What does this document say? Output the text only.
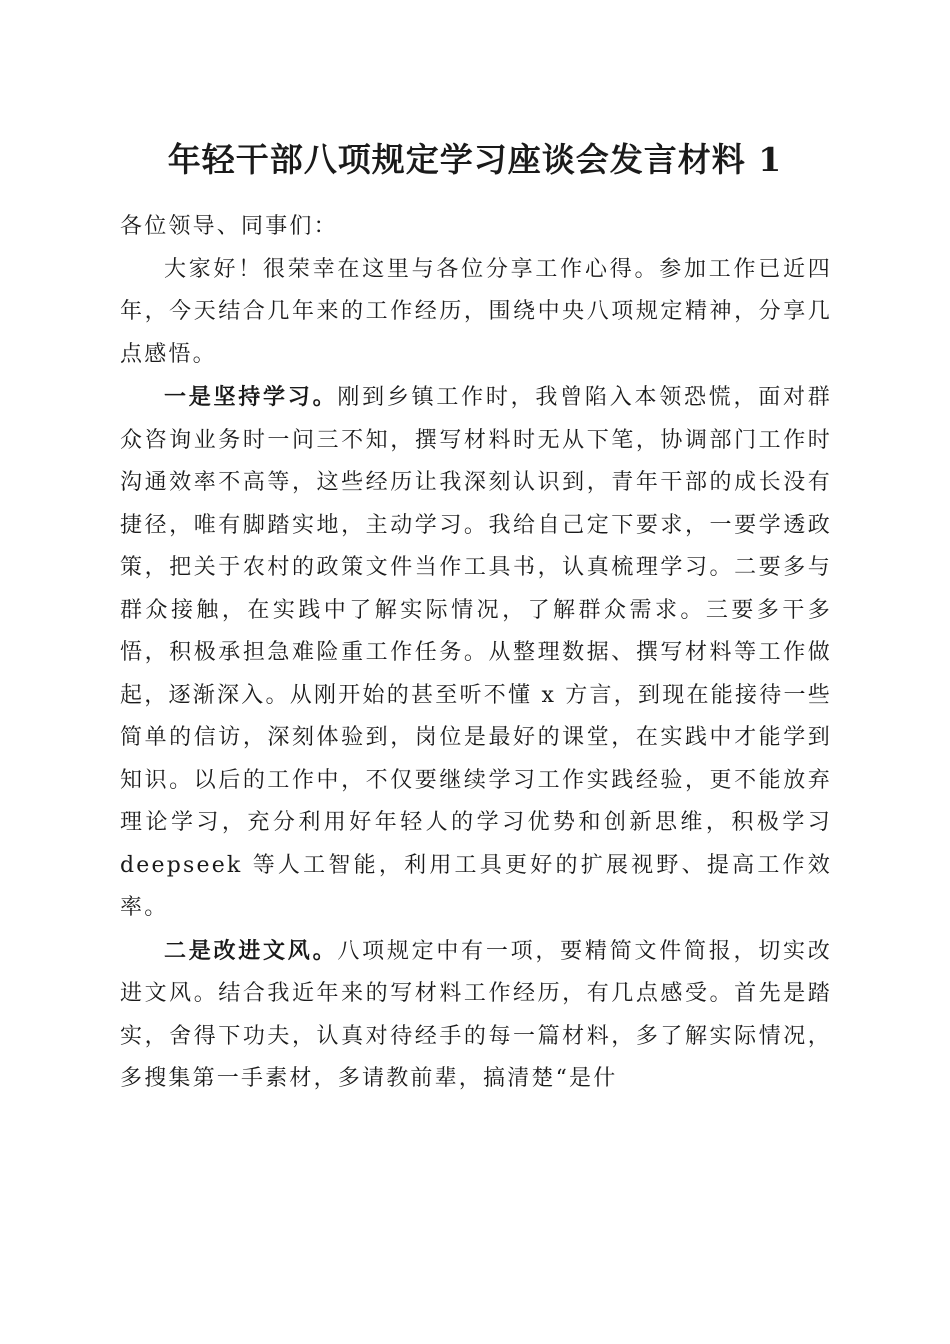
年轻干部八项规定学习座谈会发言材料 1

各位领导、同事们：

大家好！很荣幸在这里与各位分享工作心得。参加工作已近四年，今天结合几年来的工作经历，围绕中央八项规定精神，分享几点感悟。

一是坚持学习。刚到乡镇工作时，我曾陷入本领恐慌，面对群众咨询业务时一问三不知，撰写材料时无从下笔，协调部门工作时沟通效率不高等，这些经历让我深刻认识到，青年干部的成长没有捷径，唯有脚踏实地，主动学习。我给自己定下要求，一要学透政策，把关于农村的政策文件当作工具书，认真梳理学习。二要多与群众接触，在实践中了解实际情况，了解群众需求。三要多干多悟，积极承担急难险重工作任务。从整理数据、撰写材料等工作做起，逐渐深入。从刚开始的甚至听不懂 x 方言，到现在能接待一些简单的信访，深刻体验到，岗位是最好的课堂，在实践中才能学到知识。以后的工作中，不仅要继续学习工作实践经验，更不能放弃理论学习，充分利用好年轻人的学习优势和创新思维，积极学习 deepseek 等人工智能，利用工具更好的扩展视野、提高工作效率。

二是改进文风。八项规定中有一项，要精简文件简报，切实改进文风。结合我近年来的写材料工作经历，有几点感受。首先是踏实，舍得下功夫，认真对待经手的每一篇材料，多了解实际情况，多搜集第一手素材，多请教前辈，搞清楚“是什
